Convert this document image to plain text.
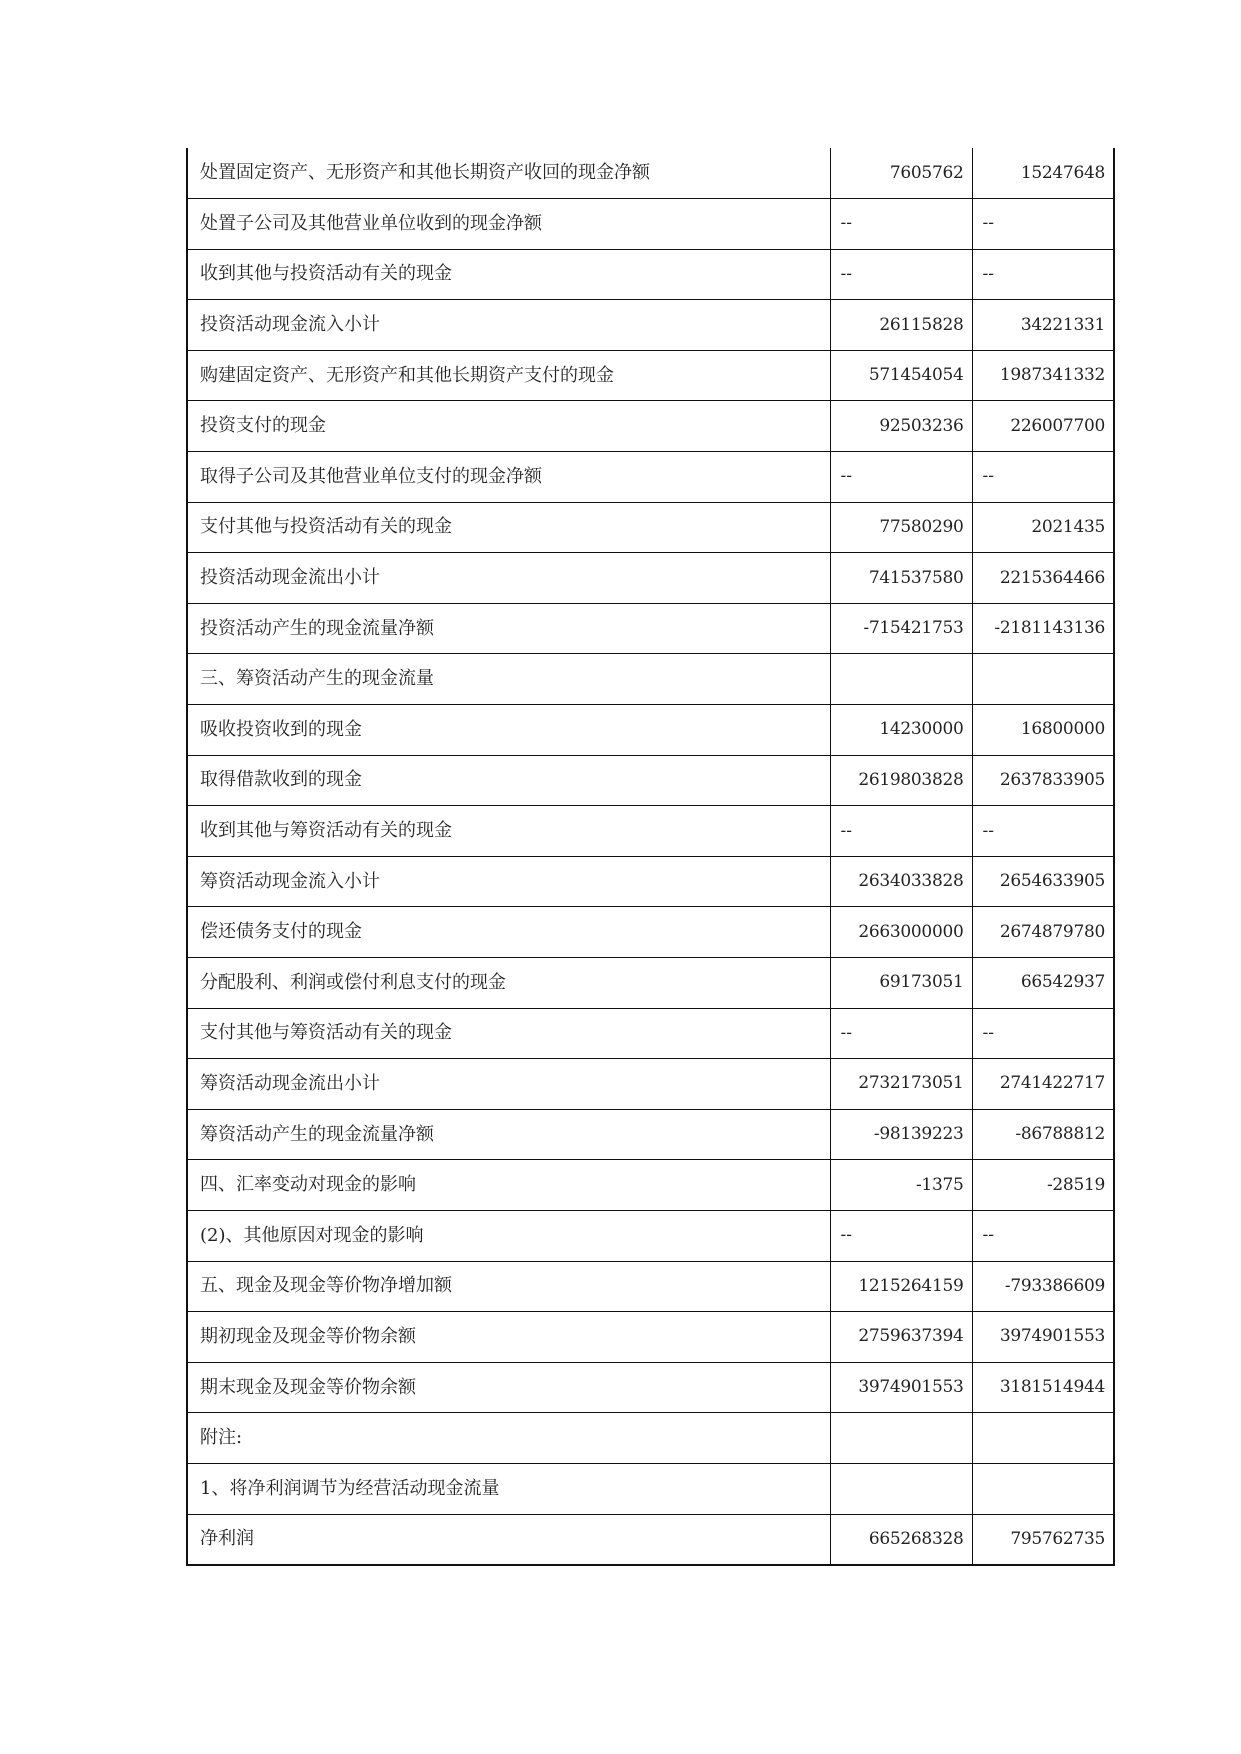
处置固定资产、无形资产和其他长期资产收回的现金净额	7605762	15247648
处置子公司及其他营业单位收到的现金净额	--	--
收到其他与投资活动有关的现金	--	--
投资活动现金流入小计	26115828	34221331
购建固定资产、无形资产和其他长期资产支付的现金	571454054	1987341332
投资支付的现金	92503236	226007700
取得子公司及其他营业单位支付的现金净额	--	--
支付其他与投资活动有关的现金	77580290	2021435
投资活动现金流出小计	741537580	2215364466
投资活动产生的现金流量净额	-715421753	-2181143136
三、筹资活动产生的现金流量		
吸收投资收到的现金	14230000	16800000
取得借款收到的现金	2619803828	2637833905
收到其他与筹资活动有关的现金	--	--
筹资活动现金流入小计	2634033828	2654633905
偿还债务支付的现金	2663000000	2674879780
分配股利、利润或偿付利息支付的现金	69173051	66542937
支付其他与筹资活动有关的现金	--	--
筹资活动现金流出小计	2732173051	2741422717
筹资活动产生的现金流量净额	-98139223	-86788812
四、汇率变动对现金的影响	-1375	-28519
(2)、其他原因对现金的影响	--	--
五、现金及现金等价物净增加额	1215264159	-793386609
期初现金及现金等价物余额	2759637394	3974901553
期末现金及现金等价物余额	3974901553	3181514944
附注:		
1、将净利润调节为经营活动现金流量		
净利润	665268328	795762735
